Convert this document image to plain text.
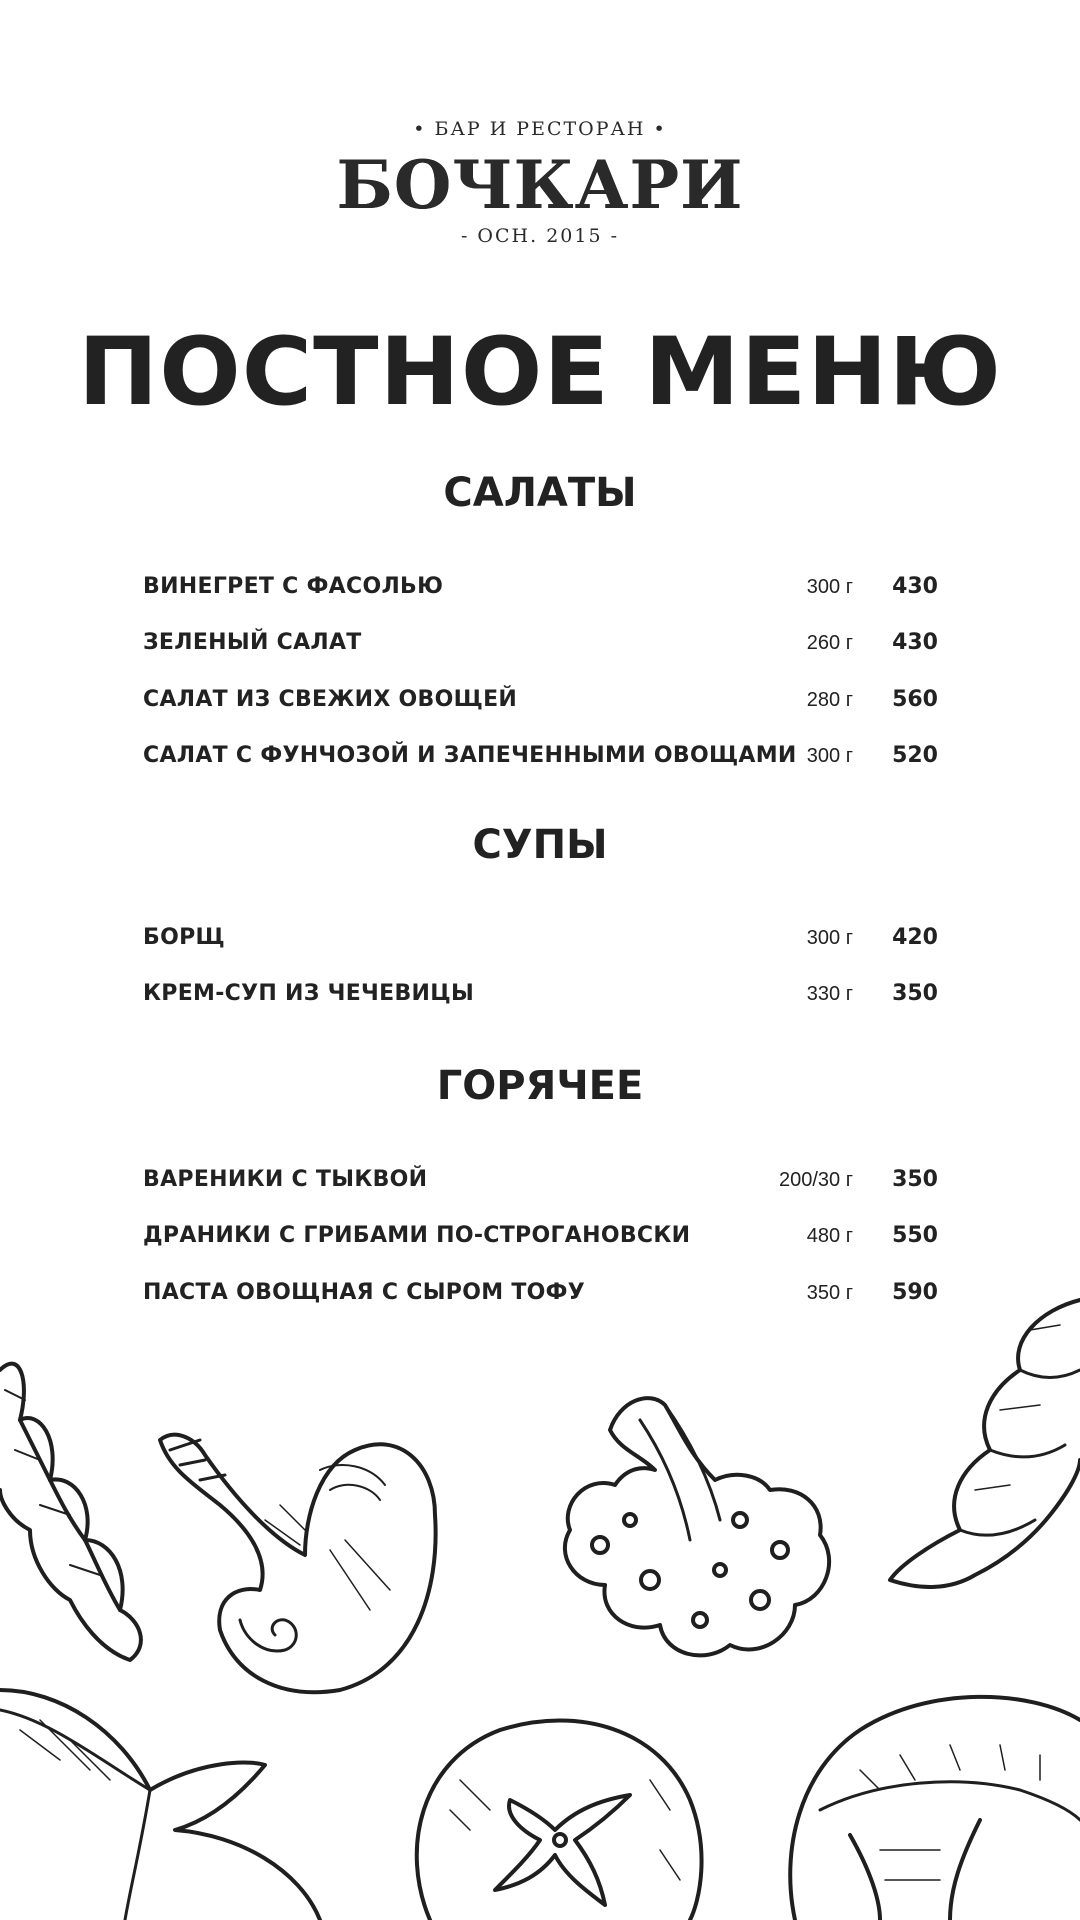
• БАР И РЕСТОРАН •
БОЧКАРИ
- ОСН. 2015 -
ПОСТНОЕ МЕНЮ
САЛАТЫ
ВИНЕГРЕТ С ФАСОЛЬЮ	300 г 430
ЗЕЛЕНЫЙ САЛАТ	260 г 430
САЛАТ ИЗ СВЕЖИХ ОВОЩЕЙ	280 г 560
САЛАТ С ФУНЧОЗОЙ И ЗАПЕЧЕННЫМИ ОВОЩАМИ 300 г 520
СУПЫ
БОРЩ	300 г 420
КРЕМ-СУП ИЗ ЧЕЧЕВИЦЫ	330 г 350
ГОРЯЧЕЕ
ВАРЕНИКИ С ТЫКВОЙ	200/30 г 350
ДРАНИКИ С ГРИБАМИ ПО-СТРОГАНОВСКИ	480 г 550
ПАСТА ОВОЩНАЯ С СЫРОМ ТОФУ	350 г 590
